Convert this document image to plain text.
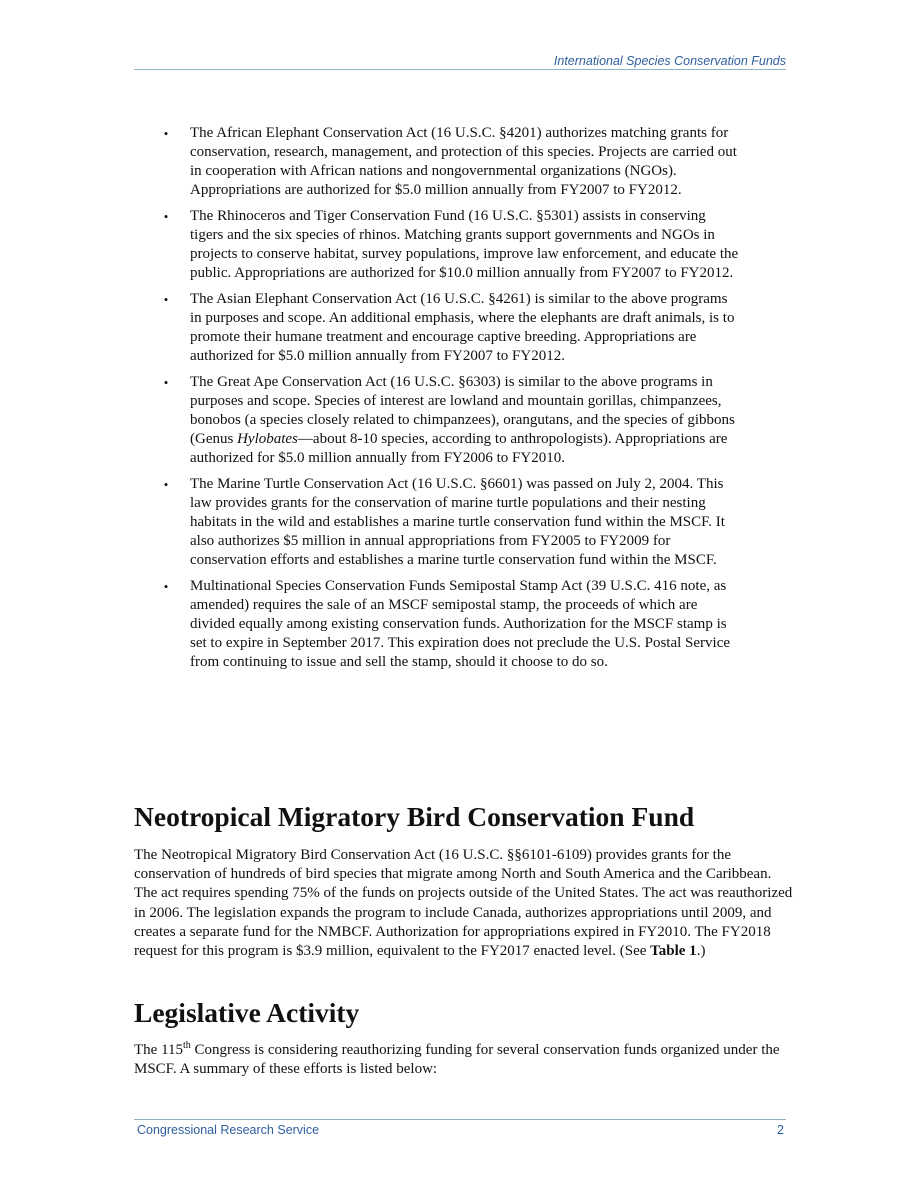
International Species Conservation Funds
• The African Elephant Conservation Act (16 U.S.C. §4201) authorizes matching grants for conservation, research, management, and protection of this species. Projects are carried out in cooperation with African nations and nongovernmental organizations (NGOs). Appropriations are authorized for $5.0 million annually from FY2007 to FY2012.
• The Rhinoceros and Tiger Conservation Fund (16 U.S.C. §5301) assists in conserving tigers and the six species of rhinos. Matching grants support governments and NGOs in projects to conserve habitat, survey populations, improve law enforcement, and educate the public. Appropriations are authorized for $10.0 million annually from FY2007 to FY2012.
• The Asian Elephant Conservation Act (16 U.S.C. §4261) is similar to the above programs in purposes and scope. An additional emphasis, where the elephants are draft animals, is to promote their humane treatment and encourage captive breeding. Appropriations are authorized for $5.0 million annually from FY2007 to FY2012.
• The Great Ape Conservation Act (16 U.S.C. §6303) is similar to the above programs in purposes and scope. Species of interest are lowland and mountain gorillas, chimpanzees, bonobos (a species closely related to chimpanzees), orangutans, and the species of gibbons (Genus Hylobates—about 8-10 species, according to anthropologists). Appropriations are authorized for $5.0 million annually from FY2006 to FY2010.
• The Marine Turtle Conservation Act (16 U.S.C. §6601) was passed on July 2, 2004. This law provides grants for the conservation of marine turtle populations and their nesting habitats in the wild and establishes a marine turtle conservation fund within the MSCF. It also authorizes $5 million in annual appropriations from FY2005 to FY2009 for conservation efforts and establishes a marine turtle conservation fund within the MSCF.
• Multinational Species Conservation Funds Semipostal Stamp Act (39 U.S.C. 416 note, as amended) requires the sale of an MSCF semipostal stamp, the proceeds of which are divided equally among existing conservation funds. Authorization for the MSCF stamp is set to expire in September 2017. This expiration does not preclude the U.S. Postal Service from continuing to issue and sell the stamp, should it choose to do so.
Neotropical Migratory Bird Conservation Fund

The Neotropical Migratory Bird Conservation Act (16 U.S.C. §§6101-6109) provides grants for the conservation of hundreds of bird species that migrate among North and South America and the Caribbean. The act requires spending 75% of the funds on projects outside of the United States. The act was reauthorized in 2006. The legislation expands the program to include Canada, authorizes appropriations until 2009, and creates a separate fund for the NMBCF. Authorization for appropriations expired in FY2010. The FY2018 request for this program is $3.9 million, equivalent to the FY2017 enacted level. (See Table 1.)

Legislative Activity

The 115th Congress is considering reauthorizing funding for several conservation funds organized under the MSCF. A summary of these efforts is listed below:

Congressional Research Service	2
